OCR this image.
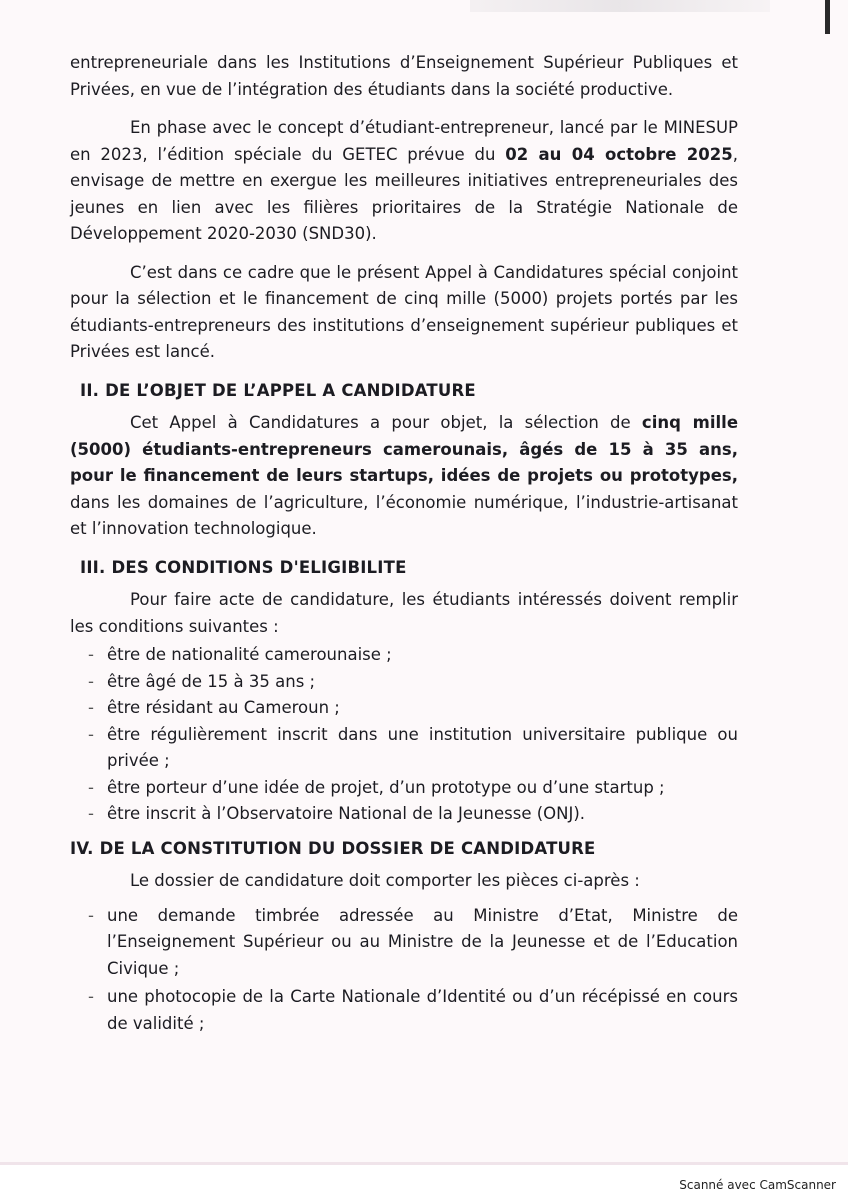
entrepreneuriale dans les Institutions d’Enseignement Supérieur Publiques et Privées, en vue de l’intégration des étudiants dans la société productive.

En phase avec le concept d’étudiant-entrepreneur, lancé par le MINESUP en 2023, l’édition spéciale du GETEC prévue du 02 au 04 octobre 2025, envisage de mettre en exergue les meilleures initiatives entrepreneuriales des jeunes en lien avec les filières prioritaires de la Stratégie Nationale de Développement 2020-2030 (SND30).

C’est dans ce cadre que le présent Appel à Candidatures spécial conjoint pour la sélection et le financement de cinq mille (5000) projets portés par les étudiants-entrepreneurs des institutions d’enseignement supérieur publiques et Privées est lancé.

II. DE L’OBJET DE L’APPEL A CANDIDATURE

Cet Appel à Candidatures a pour objet, la sélection de cinq mille (5000) étudiants-entrepreneurs camerounais, âgés de 15 à 35 ans, pour le financement de leurs startups, idées de projets ou prototypes, dans les domaines de l’agriculture, l’économie numérique, l’industrie-artisanat et l’innovation technologique.

III. DES CONDITIONS D'ELIGIBILITE

Pour faire acte de candidature, les étudiants intéressés doivent remplir les conditions suivantes :

- être de nationalité camerounaise ;
- être âgé de 15 à 35 ans ;
- être résidant au Cameroun ;
- être régulièrement inscrit dans une institution universitaire publique ou privée ;
- être porteur d’une idée de projet, d’un prototype ou d’une startup ;
- être inscrit à l’Observatoire National de la Jeunesse (ONJ).
IV. DE LA CONSTITUTION DU DOSSIER DE CANDIDATURE

Le dossier de candidature doit comporter les pièces ci-après :

- une demande timbrée adressée au Ministre d’Etat, Ministre de l’Enseignement Supérieur ou au Ministre de la Jeunesse et de l’Education Civique ;
- une photocopie de la Carte Nationale d’Identité ou d’un récépissé en cours de validité ;
Scanné avec CamScanner
